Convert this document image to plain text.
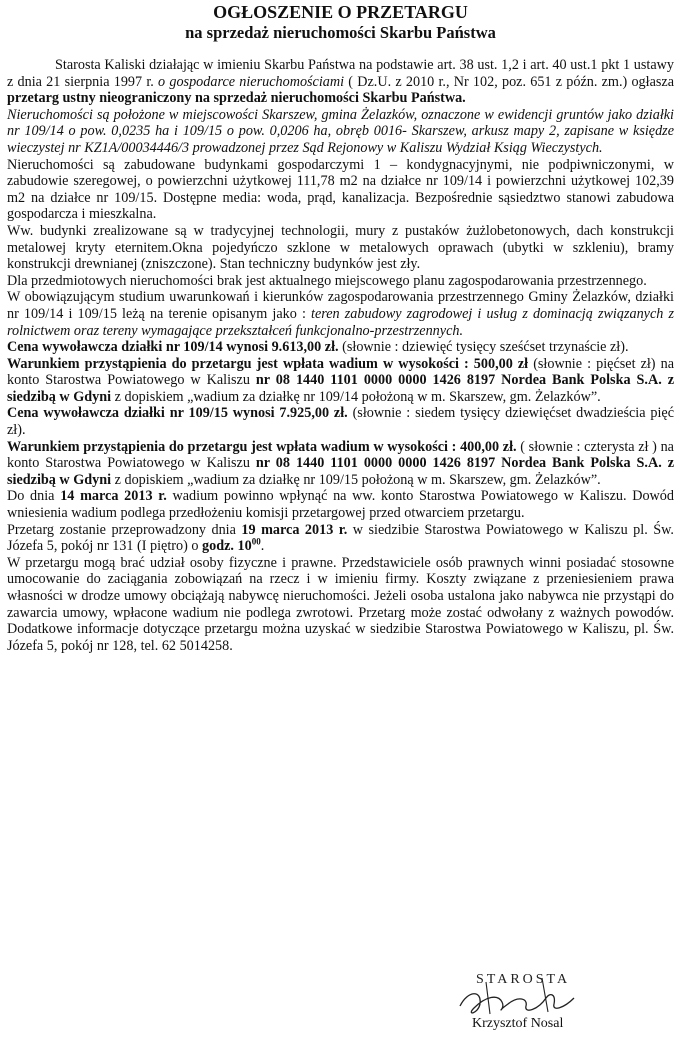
OGŁOSZENIE O PRZETARGU
na sprzedaż nieruchomości Skarbu Państwa

Starosta Kaliski działając w imieniu Skarbu Państwa na podstawie art. 38 ust. 1,2 i art. 40 ust.1 pkt 1 ustawy z dnia 21 sierpnia 1997 r. o gospodarce nieruchomościami ( Dz.U. z 2010 r., Nr 102, poz. 651 z późn. zm.) ogłasza przetarg ustny nieograniczony na sprzedaż nieruchomości Skarbu Państwa.

Nieruchomości są położone w miejscowości Skarszew, gmina Żelazków, oznaczone w ewidencji gruntów jako działki nr 109/14 o pow. 0,0235 ha i 109/15 o pow. 0,0206 ha, obręb 0016- Skarszew, arkusz mapy 2, zapisane w księdze wieczystej nr KZ1A/00034446/3 prowadzonej przez Sąd Rejonowy w Kaliszu Wydział Ksiąg Wieczystych.

Nieruchomości są zabudowane budynkami gospodarczymi 1 – kondygnacyjnymi, nie podpiwniczonymi, w zabudowie szeregowej, o powierzchni użytkowej 111,78 m2 na działce nr 109/14 i powierzchni użytkowej 102,39 m2 na działce nr 109/15. Dostępne media: woda, prąd, kanalizacja. Bezpośrednie sąsiedztwo stanowi zabudowa gospodarcza i mieszkalna.

Ww. budynki zrealizowane są w tradycyjnej technologii, mury z pustaków żużlobetonowych, dach konstrukcji metalowej kryty eternitem.Okna pojedyńczo szklone w metalowych oprawach (ubytki w szkleniu), bramy konstrukcji drewnianej (zniszczone). Stan techniczny budynków jest zły.

Dla przedmiotowych nieruchomości brak jest aktualnego miejscowego planu zagospodarowania przestrzennego.

W obowiązującym studium uwarunkowań i kierunków zagospodarowania przestrzennego Gminy Żelazków, działki nr 109/14 i 109/15 leżą na terenie opisanym jako : teren zabudowy zagrodowej i usług z dominacją związanych z rolnictwem oraz tereny wymagające przekształceń funkcjonalno-przestrzennych.

Cena wywoławcza działki nr 109/14 wynosi 9.613,00 zł. (słownie : dziewięć tysięcy sześćset trzynaście zł).

Warunkiem przystąpienia do przetargu jest wpłata wadium w wysokości : 500,00 zł (słownie : pięćset zł) na konto Starostwa Powiatowego w Kaliszu nr 08 1440 1101 0000 0000 1426 8197 Nordea Bank Polska S.A. z siedzibą w Gdyni z dopiskiem „wadium za działkę nr 109/14 położoną w m. Skarszew, gm. Żelazków”.

Cena wywoławcza działki nr 109/15 wynosi 7.925,00 zł. (słownie : siedem tysięcy dziewięćset dwadzieścia pięć zł).

Warunkiem przystąpienia do przetargu jest wpłata wadium w wysokości : 400,00 zł. ( słownie : czterysta zł ) na konto Starostwa Powiatowego w Kaliszu nr 08 1440 1101 0000 0000 1426 8197 Nordea Bank Polska S.A. z siedzibą w Gdyni z dopiskiem „wadium za działkę nr 109/15 położoną w m. Skarszew, gm. Żelazków”.

Do dnia 14 marca 2013 r. wadium powinno wpłynąć na ww. konto Starostwa Powiatowego w Kaliszu. Dowód wniesienia wadium podlega przedłożeniu komisji przetargowej przed otwarciem przetargu.

Przetarg zostanie przeprowadzony dnia 19 marca 2013 r. w siedzibie Starostwa Powiatowego w Kaliszu pl. Św. Józefa 5, pokój nr 131 (I piętro) o godz. $10^{00}$.

W przetargu mogą brać udział osoby fizyczne i prawne. Przedstawiciele osób prawnych winni posiadać stosowne umocowanie do zaciągania zobowiązań na rzecz i w imieniu firmy. Koszty związane z przeniesieniem prawa własności w drodze umowy obciążają nabywcę nieruchomości. Jeżeli osoba ustalona jako nabywca nie przystąpi do zawarcia umowy, wpłacone wadium nie podlega zwrotowi. Przetarg może zostać odwołany z ważnych powodów. Dodatkowe informacje dotyczące przetargu można uzyskać w siedzibie Starostwa Powiatowego w Kaliszu, pl. Św. Józefa 5, pokój nr 128, tel. 62 5014258.

STAROSTA
Krzysztof Nosal
